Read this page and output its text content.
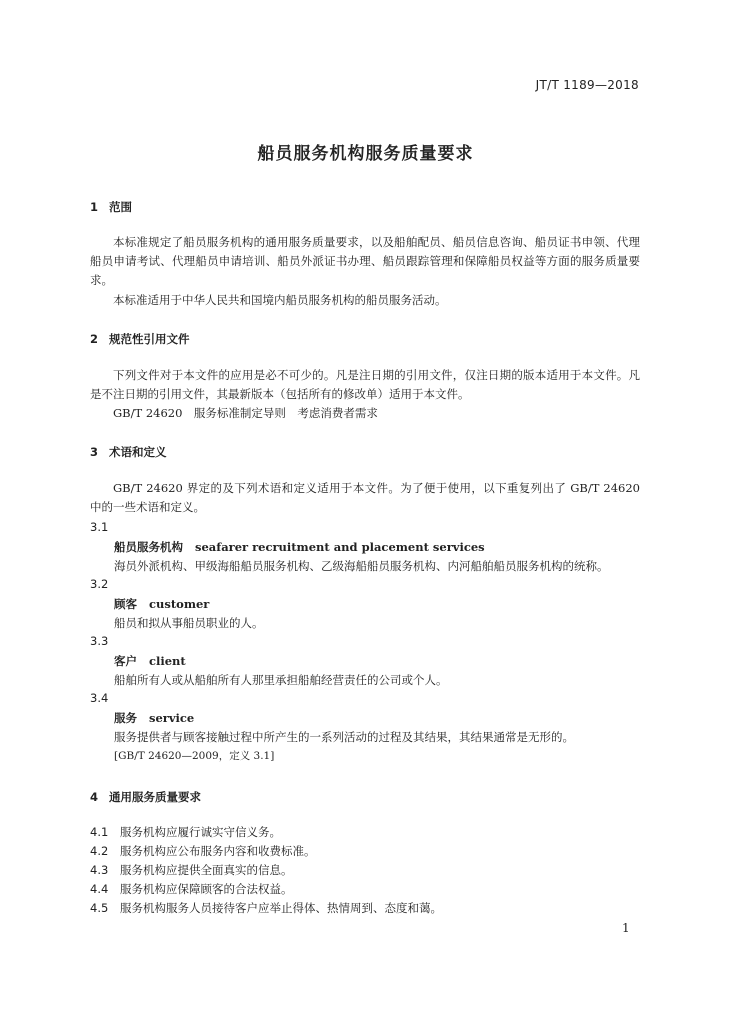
JT/T 1189—2018
船员服务机构服务质量要求
1 范围
本标准规定了船员服务机构的通用服务质量要求，以及船舶配员、船员信息咨询、船员证书申领、代理船员申请考试、代理船员申请培训、船员外派证书办理、船员跟踪管理和保障船员权益等方面的服务质量要求。
本标准适用于中华人民共和国境内船员服务机构的船员服务活动。
2 规范性引用文件
下列文件对于本文件的应用是必不可少的。凡是注日期的引用文件，仅注日期的版本适用于本文件。凡是不注日期的引用文件，其最新版本（包括所有的修改单）适用于本文件。
GB/T 24620　服务标准制定导则　考虑消费者需求
3 术语和定义
GB/T 24620 界定的及下列术语和定义适用于本文件。为了便于使用，以下重复列出了 GB/T 24620 中的一些术语和定义。
3.1
船员服务机构 seafarer recruitment and placement services
海员外派机构、甲级海船船员服务机构、乙级海船船员服务机构、内河船舶船员服务机构的统称。
3.2
顾客 customer
船员和拟从事船员职业的人。
3.3
客户 client
船舶所有人或从船舶所有人那里承担船舶经营责任的公司或个人。
3.4
服务 service
服务提供者与顾客接触过程中所产生的一系列活动的过程及其结果，其结果通常是无形的。
[GB/T 24620—2009，定义 3.1]
4 通用服务质量要求
4.1 服务机构应履行诚实守信义务。
4.2 服务机构应公布服务内容和收费标准。
4.3 服务机构应提供全面真实的信息。
4.4 服务机构应保障顾客的合法权益。
4.5 服务机构服务人员接待客户应举止得体、热情周到、态度和蔼。
1
